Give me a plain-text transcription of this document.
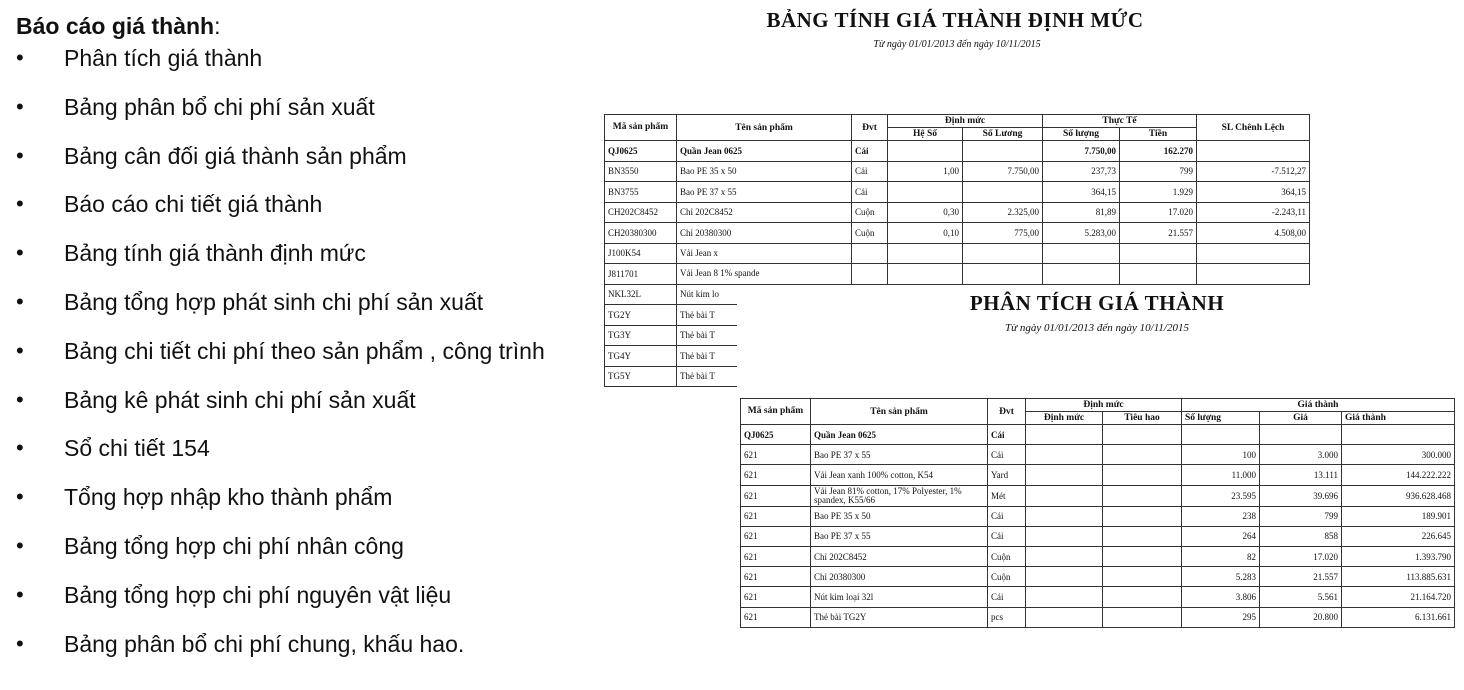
Báo cáo giá thành:
•	Phân tích giá thành
•	Bảng phân bổ chi phí sản xuất
•	Bảng cân đối giá thành sản phẩm
•	Báo cáo chi tiết giá thành
•	Bảng tính giá thành định mức
•	Bảng tổng hợp phát sinh chi phí sản xuất
•	Bảng chi tiết chi phí theo sản phẩm , công trình
•	Bảng kê phát sinh chi phí sản xuất
•	Sổ chi tiết 154
•	Tổng hợp nhập kho thành phẩm
•	Bảng tổng hợp chi phí nhân công
•	Bảng tổng hợp chi phí nguyên vật liệu
•	Bảng phân bổ chi phí chung, khấu hao.
BẢNG TÍNH GIÁ THÀNH ĐỊNH MỨC
Từ ngày 01/01/2013 đến ngày 10/11/2015
Mã sản phẩm	Tên sản phẩm	Đvt	Định mức		Thực Tế		SL Chênh Lệch
			Hệ Số	Số Lương	Số lượng	Tiền	
QJ0625	Quần Jean 0625	Cái			7.750,00	162.270	
BN3550	Bao PE 35 x 50	Cái	1,00	7.750,00	237,73	799	-7.512,27
BN3755	Bao PE 37 x 55	Cái			364,15	1.929	364,15
CH202C8452	Chỉ 202C8452	Cuộn	0,30	2.325,00	81,89	17.020	-2.243,11
CH20380300	Chỉ 20380300	Cuộn	0,10	775,00	5.283,00	21.557	4.508,00
J100K54	Vải Jean x						
J811701	Vải Jean 8 1% spande						
NKL32L	Nút kim lo						
TG2Y	Thẻ bài T						
TG3Y	Thẻ bài T						
TG4Y	Thẻ bài T						
TG5Y	Thẻ bài T						
PHÂN TÍCH GIÁ THÀNH
Từ ngày 01/01/2013 đến ngày 10/11/2015
Mã sản phẩm	Tên sản phẩm	Đvt	Định mức		Giá thành		
			Định mức	Tiêu hao	Số lượng	Giá	Giá thành
QJ0625	Quần Jean 0625	Cái					
621	Bao PE 37 x 55	Cái			100	3.000	300.000
621	Vải Jean xanh 100% cotton, K54	Yard			11.000	13.111	144.222.222
621	Vải Jean 81% cotton, 17% Polyester, 1% spandex, K55/66	Mét			23.595	39.696	936.628.468
621	Bao PE 35 x 50	Cái			238	799	189.901
621	Bao PE 37 x 55	Cái			264	858	226.645
621	Chỉ 202C8452	Cuộn			82	17.020	1.393.790
621	Chỉ 20380300	Cuộn			5.283	21.557	113.885.631
621	Nút kim loại 32l	Cái			3.806	5.561	21.164.720
621	Thẻ bài TG2Y	pcs			295	20.800	6.131.661
